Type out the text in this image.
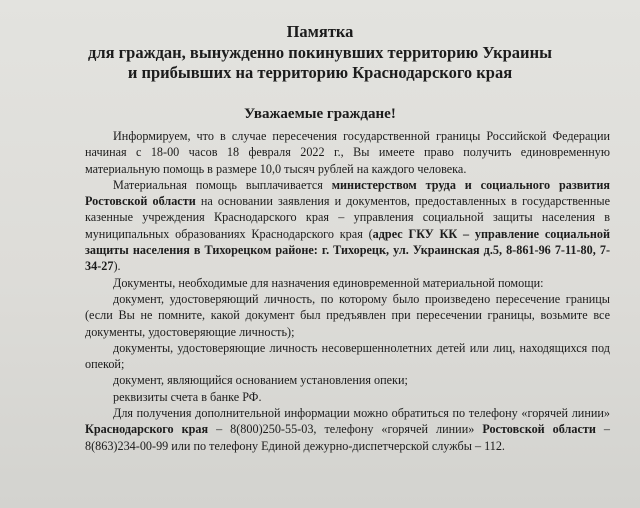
Памятка
для граждан, вынужденно покинувших территорию Украины
и прибывших на территорию Краснодарского края

Уважаемые граждане!

Информируем, что в случае пересечения государственной границы Российской Федерации начиная с 18-00 часов 18 февраля 2022 г., Вы имеете право получить единовременную материальную помощь в размере 10,0 тысяч рублей на каждого человека.

Материальная помощь выплачивается министерством труда и социального развития Ростовской области на основании заявления и документов, предоставленных в государственные казенные учреждения Краснодарского края – управления социальной защиты населения в муниципальных образованиях Краснодарского края (адрес ГКУ КК – управление социальной защиты населения в Тихорецком районе: г. Тихорецк, ул. Украинская д.5, 8-861-96 7-11-80, 7-34-27).

Документы, необходимые для назначения единовременной материальной помощи:

документ, удостоверяющий личность, по которому было произведено пересечение границы (если Вы не помните, какой документ был предъявлен при пересечении границы, возьмите все документы, удостоверяющие личность);

документы, удостоверяющие личность несовершеннолетних детей или лиц, находящихся под опекой;

документ, являющийся основанием установления опеки;

реквизиты счета в банке РФ.

Для получения дополнительной информации можно обратиться по телефону «горячей линии» Краснодарского края – 8(800)250-55-03, телефону «горячей линии» Ростовской области – 8(863)234-00-99 или по телефону Единой дежурно-диспетчерской службы – 112.
